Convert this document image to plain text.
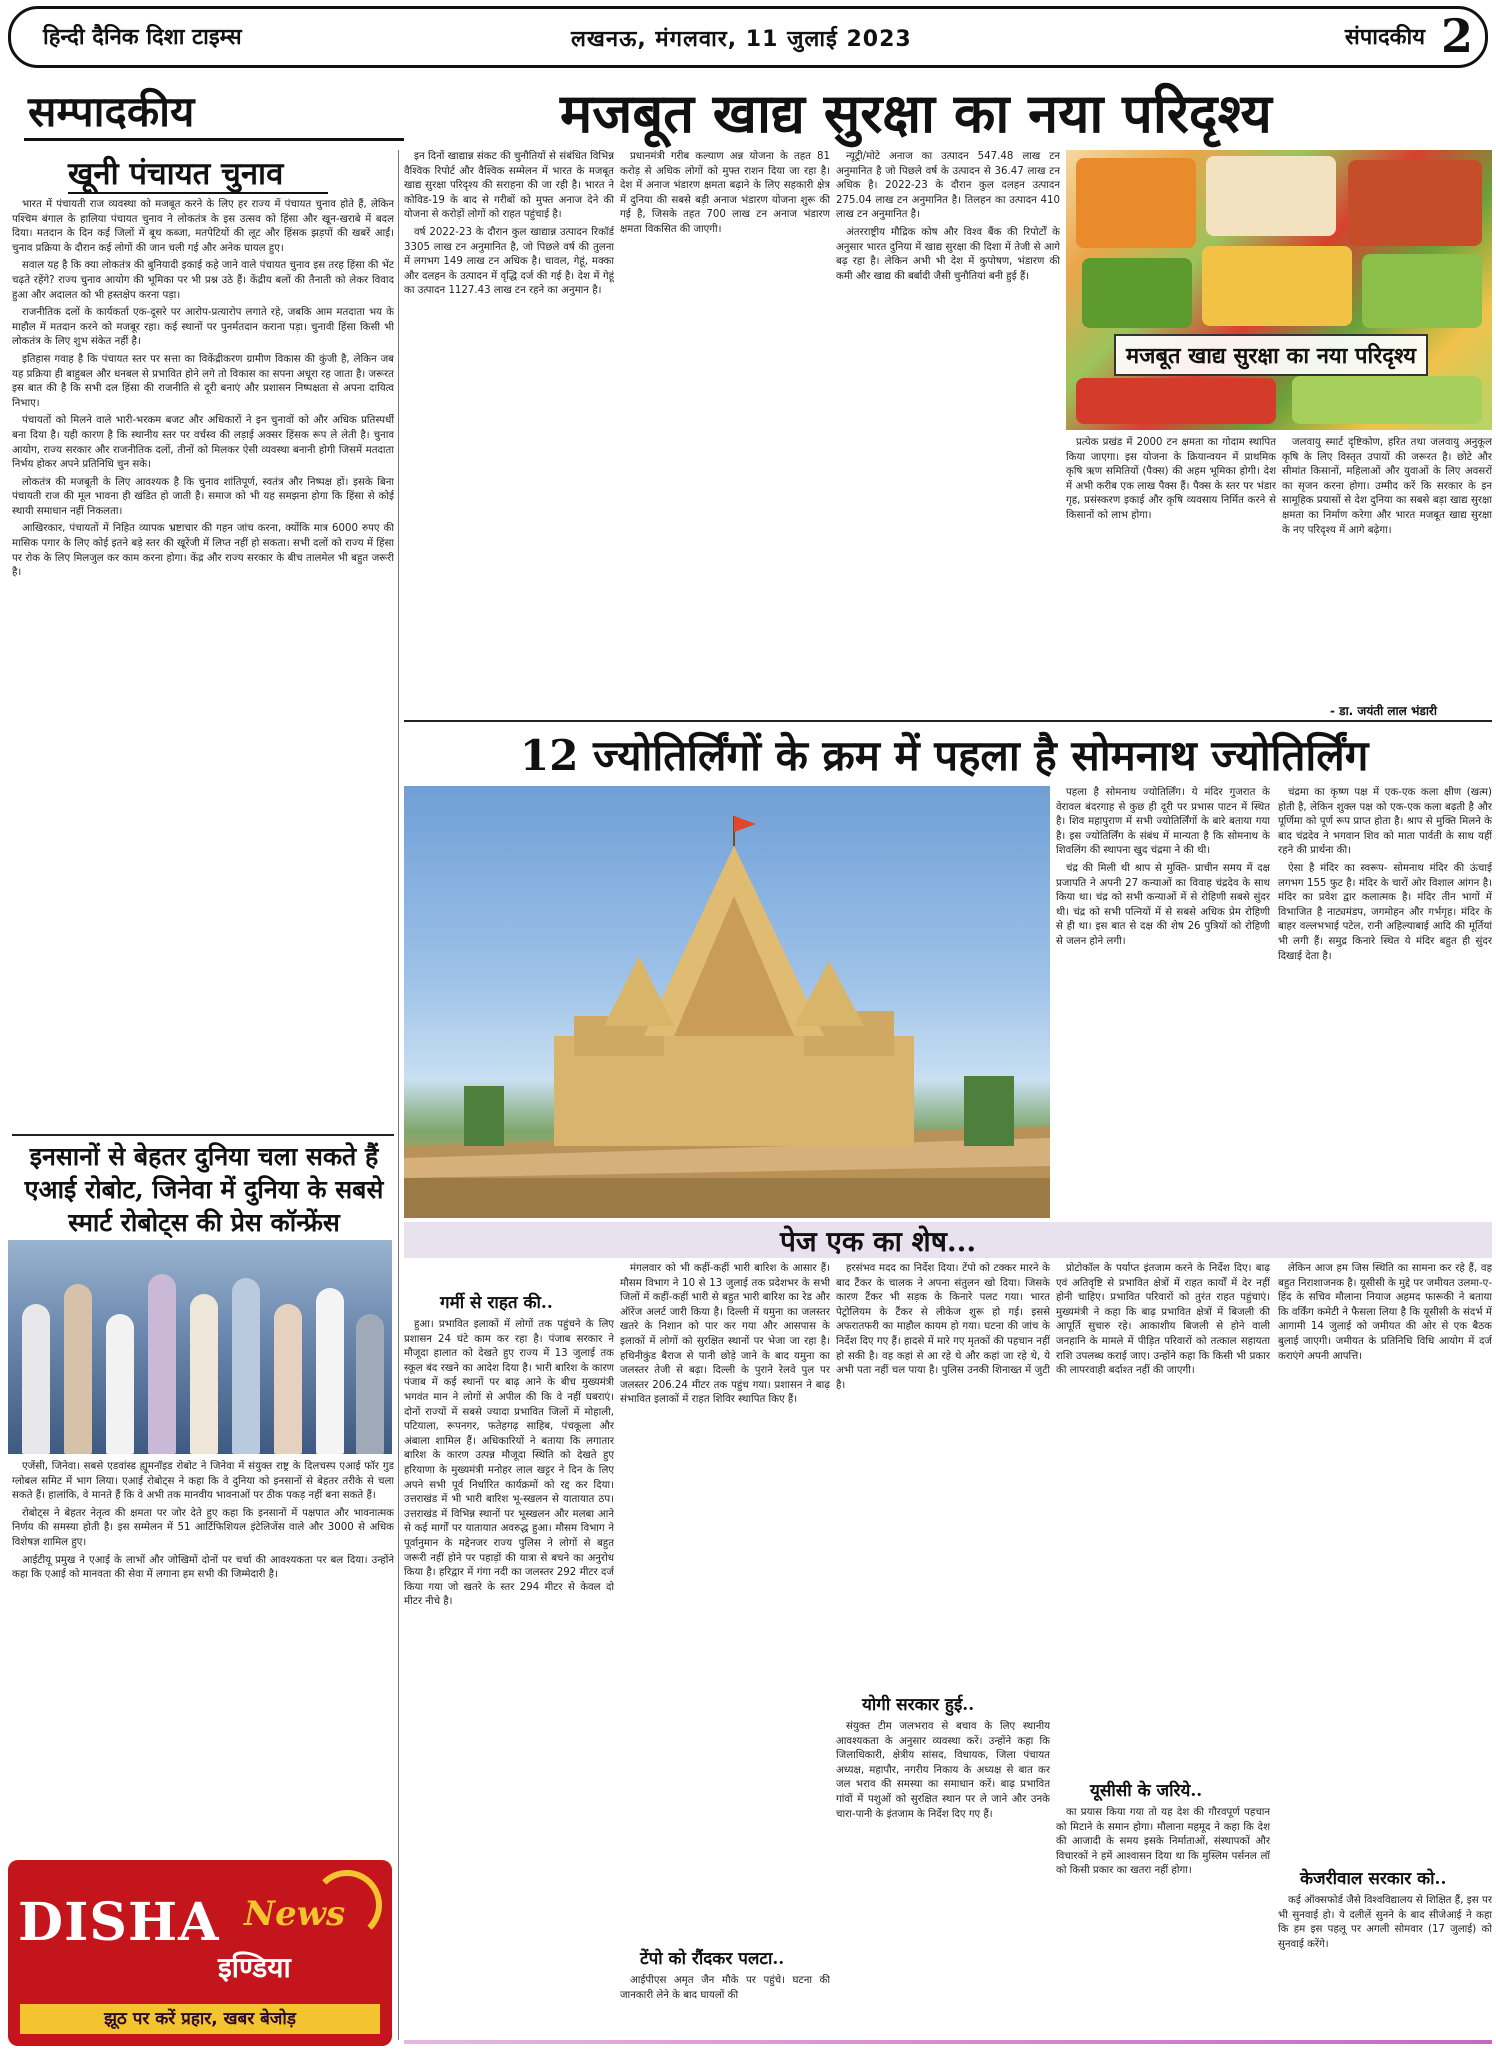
हिन्दी दैनिक दिशा टाइम्स	लखनऊ, मंगलवार, 11 जुलाई 2023	संपादकीय 2
सम्पादकीय	मजबूत खाद्य सुरक्षा का नया परिदृश्य
खूनी पंचायत चुनाव

भारत में पंचायती राज व्यवस्था को मजबूत करने के लिए हर राज्य में पंचायत चुनाव होते हैं, लेकिन पश्चिम बंगाल के हालिया पंचायत चुनाव ने लोकतंत्र के इस उत्सव को हिंसा और खून-खराबे में बदल दिया। मतदान के दिन कई जिलों में बूथ कब्जा, मतपेटियों की लूट और हिंसक झड़पों की खबरें आईं। चुनाव प्रक्रिया के दौरान कई लोगों की जान चली गई और अनेक घायल हुए।

सवाल यह है कि क्या लोकतंत्र की बुनियादी इकाई कहे जाने वाले पंचायत चुनाव इस तरह हिंसा की भेंट चढ़ते रहेंगे? राज्य चुनाव आयोग की भूमिका पर भी प्रश्न उठे हैं। केंद्रीय बलों की तैनाती को लेकर विवाद हुआ और अदालत को भी हस्तक्षेप करना पड़ा।

राजनीतिक दलों के कार्यकर्ता एक-दूसरे पर आरोप-प्रत्यारोप लगाते रहे, जबकि आम मतदाता भय के माहौल में मतदान करने को मजबूर रहा। कई स्थानों पर पुनर्मतदान कराना पड़ा। चुनावी हिंसा किसी भी लोकतंत्र के लिए शुभ संकेत नहीं है।

इतिहास गवाह है कि पंचायत स्तर पर सत्ता का विकेंद्रीकरण ग्रामीण विकास की कुंजी है, लेकिन जब यह प्रक्रिया ही बाहुबल और धनबल से प्रभावित होने लगे तो विकास का सपना अधूरा रह जाता है। जरूरत इस बात की है कि सभी दल हिंसा की राजनीति से दूरी बनाएं और प्रशासन निष्पक्षता से अपना दायित्व निभाए।

पंचायतों को मिलने वाले भारी-भरकम बजट और अधिकारों ने इन चुनावों को और अधिक प्रतिस्पर्धी बना दिया है। यही कारण है कि स्थानीय स्तर पर वर्चस्व की लड़ाई अक्सर हिंसक रूप ले लेती है। चुनाव आयोग, राज्य सरकार और राजनीतिक दलों, तीनों को मिलकर ऐसी व्यवस्था बनानी होगी जिसमें मतदाता निर्भय होकर अपने प्रतिनिधि चुन सके।

लोकतंत्र की मजबूती के लिए आवश्यक है कि चुनाव शांतिपूर्ण, स्वतंत्र और निष्पक्ष हों। इसके बिना पंचायती राज की मूल भावना ही खंडित हो जाती है। समाज को भी यह समझना होगा कि हिंसा से कोई स्थायी समाधान नहीं निकलता।

आखिरकार, पंचायतों में निहित व्यापक भ्रष्टाचार की गहन जांच करना, क्योंकि मात्र 6000 रुपए की मासिक पगार के लिए कोई इतने बड़े स्तर की खूरेंजी में लिप्त नहीं हो सकता। सभी दलों को राज्य में हिंसा पर रोक के लिए मिलजुल कर काम करना होगा। केंद्र और राज्य सरकार के बीच तालमेल भी बहुत जरूरी है।

इनसानों से बेहतर दुनिया चला सकते हैं एआई रोबोट, जिनेवा में दुनिया के सबसे स्मार्ट रोबोट्स की प्रेस कॉन्फ्रेंस

एजेंसी, जिनेवा। सबसे एडवांस्ड ह्यूमनॉइड रोबोट ने जिनेवा में संयुक्त राष्ट्र के दिलचस्प एआई फॉर गुड ग्लोबल समिट में भाग लिया। एआई रोबोट्स ने कहा कि वे दुनिया को इनसानों से बेहतर तरीके से चला सकते हैं। हालांकि, वे मानते हैं कि वे अभी तक मानवीय भावनाओं पर ठीक पकड़ नहीं बना सकते हैं।

रोबोट्स ने बेहतर नेतृत्व की क्षमता पर जोर देते हुए कहा कि इनसानों में पक्षपात और भावनात्मक निर्णय की समस्या होती है। इस सम्मेलन में 51 आर्टिफिशियल इंटेलिजेंस वाले और 3000 से अधिक विशेषज्ञ शामिल हुए।

आईटीयू प्रमुख ने एआई के लाभों और जोखिमों दोनों पर चर्चा की आवश्यकता पर बल दिया। उन्होंने कहा कि एआई को मानवता की सेवा में लगाना हम सभी की जिम्मेदारी है।

DISHA News
इण्डिया
झूठ पर करें प्रहार, खबर बेजोड़

इन दिनों खाद्यान्न संकट की चुनौतियों से संबंधित विभिन्न वैश्विक रिपोर्ट और वैश्विक सम्मेलन में भारत के मजबूत खाद्य सुरक्षा परिदृश्य की सराहना की जा रही है। भारत ने कोविड-19 के बाद से गरीबों को मुफ्त अनाज देने की योजना से करोड़ों लोगों को राहत पहुंचाई है।

वर्ष 2022-23 के दौरान कुल खाद्यान्न उत्पादन रिकॉर्ड 3305 लाख टन अनुमानित है, जो पिछले वर्ष की तुलना में लगभग 149 लाख टन अधिक है। चावल, गेहूं, मक्का और दलहन के उत्पादन में वृद्धि दर्ज की गई है। देश में गेहूं का उत्पादन 1127.43 लाख टन रहने का अनुमान है।

प्रधानमंत्री गरीब कल्याण अन्न योजना के तहत 81 करोड़ से अधिक लोगों को मुफ्त राशन दिया जा रहा है। देश में अनाज भंडारण क्षमता बढ़ाने के लिए सहकारी क्षेत्र में दुनिया की सबसे बड़ी अनाज भंडारण योजना शुरू की गई है, जिसके तहत 700 लाख टन अनाज भंडारण क्षमता विकसित की जाएगी।

न्यूट्री/मोटे अनाज का उत्पादन 547.48 लाख टन अनुमानित है जो पिछले वर्ष के उत्पादन से 36.47 लाख टन अधिक है। 2022-23 के दौरान कुल दलहन उत्पादन 275.04 लाख टन अनुमानित है। तिलहन का उत्पादन 410 लाख टन अनुमानित है।

अंतरराष्ट्रीय मौद्रिक कोष और विश्व बैंक की रिपोर्टों के अनुसार भारत दुनिया में खाद्य सुरक्षा की दिशा में तेजी से आगे बढ़ रहा है। लेकिन अभी भी देश में कुपोषण, भंडारण की कमी और खाद्य की बर्बादी जैसी चुनौतियां बनी हुई हैं।

मजबूत खाद्य सुरक्षा का नया परिदृश्य

प्रत्येक प्रखंड में 2000 टन क्षमता का गोदाम स्थापित किया जाएगा। इस योजना के क्रियान्वयन में प्राथमिक कृषि ऋण समितियों (पैक्स) की अहम भूमिका होगी। देश में अभी करीब एक लाख पैक्स हैं। पैक्स के स्तर पर भंडार गृह, प्रसंस्करण इकाई और कृषि व्यवसाय निर्मित करने से किसानों को लाभ होगा।

जलवायु स्मार्ट दृष्टिकोण, हरित तथा जलवायु अनुकूल कृषि के लिए विस्तृत उपायों की जरूरत है। छोटे और सीमांत किसानों, महिलाओं और युवाओं के लिए अवसरों का सृजन करना होगा। उम्मीद करें कि सरकार के इन सामूहिक प्रयासों से देश दुनिया का सबसे बड़ा खाद्य सुरक्षा क्षमता का निर्माण करेगा और भारत मजबूत खाद्य सुरक्षा के नए परिदृश्य में आगे बढ़ेगा।

- डा. जयंती लाल भंडारी
12 ज्योतिर्लिंगों के क्रम में पहला है सोमनाथ ज्योतिर्लिंग

पहला है सोमनाथ ज्योतिर्लिंग। ये मंदिर गुजरात के वेरावल बंदरगाह से कुछ ही दूरी पर प्रभास पाटन में स्थित है। शिव महापुराण में सभी ज्योतिर्लिंगों के बारे बताया गया है। इस ज्योतिर्लिंग के संबंध में मान्यता है कि सोमनाथ के शिवलिंग की स्थापना खुद चंद्रमा ने की थी।

चंद्र की मिली थी श्राप से मुक्ति- प्राचीन समय में दक्ष प्रजापति ने अपनी 27 कन्याओं का विवाह चंद्रदेव के साथ किया था। चंद्र को सभी कन्याओं में से रोहिणी सबसे सुंदर थी। चंद्र को सभी पत्नियों में से सबसे अधिक प्रेम रोहिणी से ही था। इस बात से दक्ष की शेष 26 पुत्रियों को रोहिणी से जलन होने लगी।

चंद्रमा का कृष्ण पक्ष में एक-एक कला क्षीण (खत्म) होती है, लेकिन शुक्ल पक्ष को एक-एक कला बढ़ती है और पूर्णिमा को पूर्ण रूप प्राप्त होता है। श्राप से मुक्ति मिलने के बाद चंद्रदेव ने भगवान शिव को माता पार्वती के साथ यहीं रहने की प्रार्थना की।

ऐसा है मंदिर का स्वरूप- सोमनाथ मंदिर की ऊंचाई लगभग 155 फुट है। मंदिर के चारों ओर विशाल आंगन है। मंदिर का प्रवेश द्वार कलात्मक है। मंदिर तीन भागों में विभाजित है नाट्यमंडप, जगमोहन और गर्भगृह। मंदिर के बाहर वल्लभभाई पटेल, रानी अहिल्याबाई आदि की मूर्तियां भी लगी हैं। समुद्र किनारे स्थित ये मंदिर बहुत ही सुंदर दिखाई देता है।

पेज एक का शेष...
गर्मी से राहत की..

हुआ। प्रभावित इलाकों में लोगों तक पहुंचने के लिए प्रशासन 24 घंटे काम कर रहा है। पंजाब सरकार ने मौजूदा हालात को देखते हुए राज्य में 13 जुलाई तक स्कूल बंद रखने का आदेश दिया है। भारी बारिश के कारण पंजाब में कई स्थानों पर बाढ़ आने के बीच मुख्यमंत्री भगवंत मान ने लोगों से अपील की कि वे नहीं घबराएं। दोनों राज्यों में सबसे ज्यादा प्रभावित जिलों में मोहाली, पटियाला, रूपनगर, फतेहगढ़ साहिब, पंचकूला और अंबाला शामिल हैं। अधिकारियों ने बताया कि लगातार बारिश के कारण उत्पन्न मौजूदा स्थिति को देखते हुए हरियाणा के मुख्यमंत्री मनोहर लाल खट्टर ने दिन के लिए अपने सभी पूर्व निर्धारित कार्यक्रमों को रद्द कर दिया। उत्तराखंड में भी भारी बारिश भू-स्खलन से यातायात ठप। उत्तराखंड में विभिन्न स्थानों पर भूस्खलन और मलबा आने से कई मार्गों पर यातायात अवरुद्ध हुआ। मौसम विभाग ने पूर्वानुमान के मद्देनजर राज्य पुलिस ने लोगों से बहुत जरूरी नहीं होने पर पहाड़ों की यात्रा से बचने का अनुरोध किया है। हरिद्वार में गंगा नदी का जलस्तर 292 मीटर दर्ज किया गया जो खतरे के स्तर 294 मीटर से केवल दो मीटर नीचे है।

मंगलवार को भी कहीं-कहीं भारी बारिश के आसार हैं। मौसम विभाग ने 10 से 13 जुलाई तक प्रदेशभर के सभी जिलों में कहीं-कहीं भारी से बहुत भारी बारिश का रेड और ऑरेंज अलर्ट जारी किया है। दिल्ली में यमुना का जलस्तर खतरे के निशान को पार कर गया और आसपास के इलाकों में लोगों को सुरक्षित स्थानों पर भेजा जा रहा है। हथिनीकुंड बैराज से पानी छोड़े जाने के बाद यमुना का जलस्तर तेजी से बढ़ा। दिल्ली के पुराने रेलवे पुल पर जलस्तर 206.24 मीटर तक पहुंच गया। प्रशासन ने बाढ़ संभावित इलाकों में राहत शिविर स्थापित किए हैं।

टेंपो को रौंदकर पलटा..

आईपीएस अमृत जैन मौके पर पहुंचे। घटना की जानकारी लेने के बाद घायलों की

हरसंभव मदद का निर्देश दिया। टेंपो को टक्कर मारने के बाद टैंकर के चालक ने अपना संतुलन खो दिया। जिसके कारण टैंकर भी सड़क के किनारे पलट गया। भारत पेट्रोलियम के टैंकर से लीकेज शुरू हो गई। इससे अफरातफरी का माहौल कायम हो गया। घटना की जांच के निर्देश दिए गए हैं। हादसे में मारे गए मृतकों की पहचान नहीं हो सकी है। वह कहां से आ रहे थे और कहां जा रहे थे, ये अभी पता नहीं चल पाया है। पुलिस उनकी शिनाख्त में जुटी है।

योगी सरकार हुई..

संयुक्त टीम जलभराव से बचाव के लिए स्थानीय आवश्यकता के अनुसार व्यवस्था करें। उन्होंने कहा कि जिलाधिकारी, क्षेत्रीय सांसद, विधायक, जिला पंचायत अध्यक्ष, महापौर, नगरीय निकाय के अध्यक्ष से बात कर जल भराव की समस्या का समाधान करें। बाढ़ प्रभावित गांवों में पशुओं को सुरक्षित स्थान पर ले जाने और उनके चारा-पानी के इंतजाम के निर्देश दिए गए हैं।

प्रोटोकॉल के पर्याप्त इंतजाम करने के निर्देश दिए। बाढ़ एवं अतिवृष्टि से प्रभावित क्षेत्रों में राहत कार्यों में देर नहीं होनी चाहिए। प्रभावित परिवारों को तुरंत राहत पहुंचाएं। मुख्यमंत्री ने कहा कि बाढ़ प्रभावित क्षेत्रों में बिजली की आपूर्ति सुचारु रहे। आकाशीय बिजली से होने वाली जनहानि के मामले में पीड़ित परिवारों को तत्काल सहायता राशि उपलब्ध कराई जाए। उन्होंने कहा कि किसी भी प्रकार की लापरवाही बर्दाश्त नहीं की जाएगी।

यूसीसी के जरिये..

का प्रयास किया गया तो यह देश की गौरवपूर्ण पहचान को मिटाने के समान होगा। मौलाना महमूद ने कहा कि देश की आजादी के समय इसके निर्माताओं, संस्थापकों और विचारकों ने हमें आश्वासन दिया था कि मुस्लिम पर्सनल लॉ को किसी प्रकार का खतरा नहीं होगा।

लेकिन आज हम जिस स्थिति का सामना कर रहे हैं, वह बहुत निराशाजनक है। यूसीसी के मुद्दे पर जमीयत उलमा-ए-हिंद के सचिव मौलाना नियाज अहमद फारूकी ने बताया कि वर्किंग कमेटी ने फैसला लिया है कि यूसीसी के संदर्भ में आगामी 14 जुलाई को जमीयत की ओर से एक बैठक बुलाई जाएगी। जमीयत के प्रतिनिधि विधि आयोग में दर्ज कराएंगे अपनी आपत्ति।

केजरीवाल सरकार को..

कई ऑक्सफोर्ड जैसे विश्वविद्यालय से शिक्षित हैं, इस पर भी सुनवाई हो। ये दलीलें सुनने के बाद सीजेआई ने कहा कि हम इस पहलू पर अगली सोमवार (17 जुलाई) को सुनवाई करेंगे।
